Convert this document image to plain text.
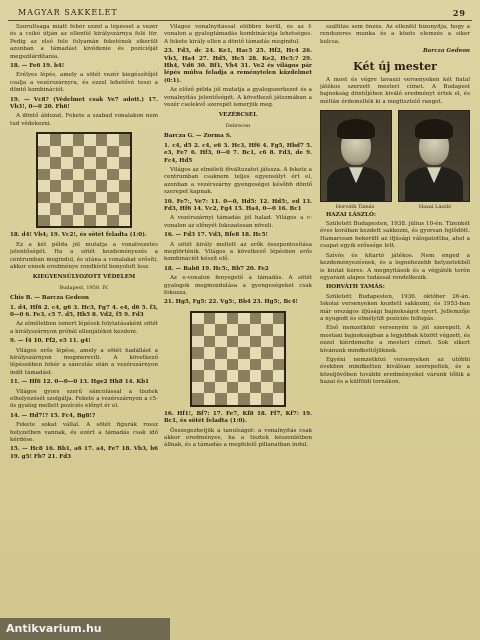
MAGYAR SAKKELET	29

Szorultsaga miatt fehér ezzel a lépéssel a vezér és a csikó útján az ellenfél királyszárnya felé tör. Pedig az első fele folyamán feketének sikerült azonban a támadást kivédenie és pozícióját megszilárdítania.

18. — Fe6 19. b4!

Erélyes lépés, amely a sötét vezér kiegészítőjét csalja a vezérszárnyra, és ezzel lehetővé teszi a döntő kombinációt.

19. — Vc8? (Védelmet csak Ve7 adott.) 17. Vb3!, 0—0 20. Fh6!

A döntő áldozat. Fekete a szabad vonalakon nem tud védekezni.

18. d4! Vb4; 19. Vc2!, és sötét feladta (1:0).

Ez a két példa jól mutatja a vonalvezetés jelentőségét. Ha a sötét kezdeményezés a centrumban megindul, és utána a vonalakat erősíti, akkor ennek eredménye rendkívül bonyolult lesz.

KIEGYENSÚLYOZOTT VÉDELEM

Budapest, 1958. IV.

Chis B. — Barcza Gedeon

1. d4, Hf6 2. c4, g6 3. Hc3, Fg7 4. e4, d6 5. f3, 0—0 6. Fe3, c5 7. d5, Hh5 8. Vd2, f5 9. Fd3

Az elméletben ismert lépések folytatásaként sötét a királyszárnyon próbál ellenjátékot kezdeni.

9. — f4 10. Ff2, e5 11. g4!

Világos erős lépése, amely a sötét hadállást a királyszárnyon megmerevíti. A következő lépésekben fehér a sáncolás után a vezérszárnyon indít támadást.

11. — Hf6 12. 0—0—0 13. Hge2 Hh8 14. Kb1

Világos gyors szerű sáncolással a tisztek elhelyezését szolgálja. Fekete a vezérszárnyon a c5-ös gyalog mellett pozíciós előnyt ér el.

14. — Hd7!? 15. Fc4, Bg8!?

Fekete sokat vállal. A sötét figurák rossz helyzetben vannak, és ezért a támadás csak idő kérdése.

15. — Hc8 16. Bb1, a6 17. a4, Fe7 18. Vb3, b6 19. g5! Fb7 21. Fd3

Világos vonalnyitással előbbre kerül, és az f-vonalon a gyalogtámadás kombinációja lehetséges. A fekete király ellen a döntő támadás megindul.

23. Fd3, dc 24. Ke1, Hac5 25. Hf2, Hc4 26. Vb3, Ha4 27. Hd5, Hc5 28. Ke2, Hc5:? 29. Hh4, Vd6 30. Bf1, Vh4 31. Ve2 és világos pár lépés múlva feladja a reménytelen küzdelmet (0:1).

Az előző példa jól mutatja a gyalogszerkezet és a vonalnyitás jelentőségét. A következő játszmában a vezér cselekvő szerepét ismerjük meg.

VEZÉRCSEL

Debrecen

Barcza G. — Zorma S.

1. c4, d5 2. c4, e6 3. Hc3, Hf6 4. Fg5, Hbd7 5. e3, Fe7 6. Hf3, 0—0 7. Bc1, c6 8. Fd3, de 9. Fc4, Hd5

Világos az elméleti főváltozatot játssza. A fekete a centrumban csaknem teljes egyensúlyt ért el, azonban a vezérszárny gyengeségei később döntő szerepet kapnak.

10. Fe7:, Ve7: 11. 0—0, Hd5: 12. Hd5:, ed 13. Fd3, Hf6 14. Vc2, Fg4 15. Ha4, 0—0 16. Bc1

A vezérszárnyi támadás jól halad. Világos a c-vonalon az előnyét fokozatosan növeli.

16. — Fd3 17. Vd3, Bfe8 18. Hc5!

A sötét király mellett az erők összpontosítása megtörténik. Világos a következő lépésben erős kombinációt készít elő.

18. — Bab8 19. Hc5:, Bb7 20. Fe2

Az e-vonalon fenyegető a támadás. A sötét gyalogok megmozdulása a gyengeségeket csak fokozza.

21. Hg5, Fg5: 22. Vg5:, Bb4 23. Hg5:, Bc4!

16. Hf1!, Bf7: 17. Fe7, Kf8 18. Ff7, Kf7: 19. Bc1, és sötét feladta (1:0).

Összegezhetjük a tanulságot: a vonalnyitás csak akkor eredményes, ha a tisztek készenlétben állnak, és a támadás a megfelelő pillanatban indul.

szállítás sem önzés. Az ellenfél bizonyítja, hogy a rendszeres munka és a közös elemzés a siker kulcsa.

Barcza Gedeon

Két új mester

A most és végre tavaszi versenyeken két fiatal játékos szerzett mesteri címet. A Budapest bajnokság döntőjében kiváló eredményt értek el, és méltán érdemelték ki a megtisztelő rangot.

Horváth Tamás	Hazai László

HAZAI LÁSZLÓ:

Született Budapesten, 1938. július 10-én. Tizenkét éves korában kezdett sakkozni, és gyorsan fejlődött. Hamarosan bekerült az ifjúsági válogatottba, ahol a csapat egyik erőssége lett.

Szívós és kitartó játékos. Nem enged a kezdeményezésnek, és a legnehezebb helyzetekből is kiutat keres. A megnyitások és a végjáték terén egyaránt alapos tudással rendelkezik.

HORVÁTH TAMÁS:

Született Budapesten, 1936. október 26-án. Iskolai versenyeken kezdett sakkozni, és 1953-ban már országos ifjúsági bajnokságot nyert. Jellemzője a nyugodt és elmélyült pozíciós felfogás.

Első nemzetközi versenyén is jól szerepelt. A mostani bajnokságban a legjobbak között végzett, és ezzel kiérdemelte a mesteri címet. Sok sikert kívánunk mindkettőjüknek.

Egyéni nemzetközi versenyeken az utóbbi években mindketten kiválóan szerepeltek, és a közeljövőben további eredményeket várunk tőlük a hazai és a külföldi tornákon.

Antikvarium.hu
